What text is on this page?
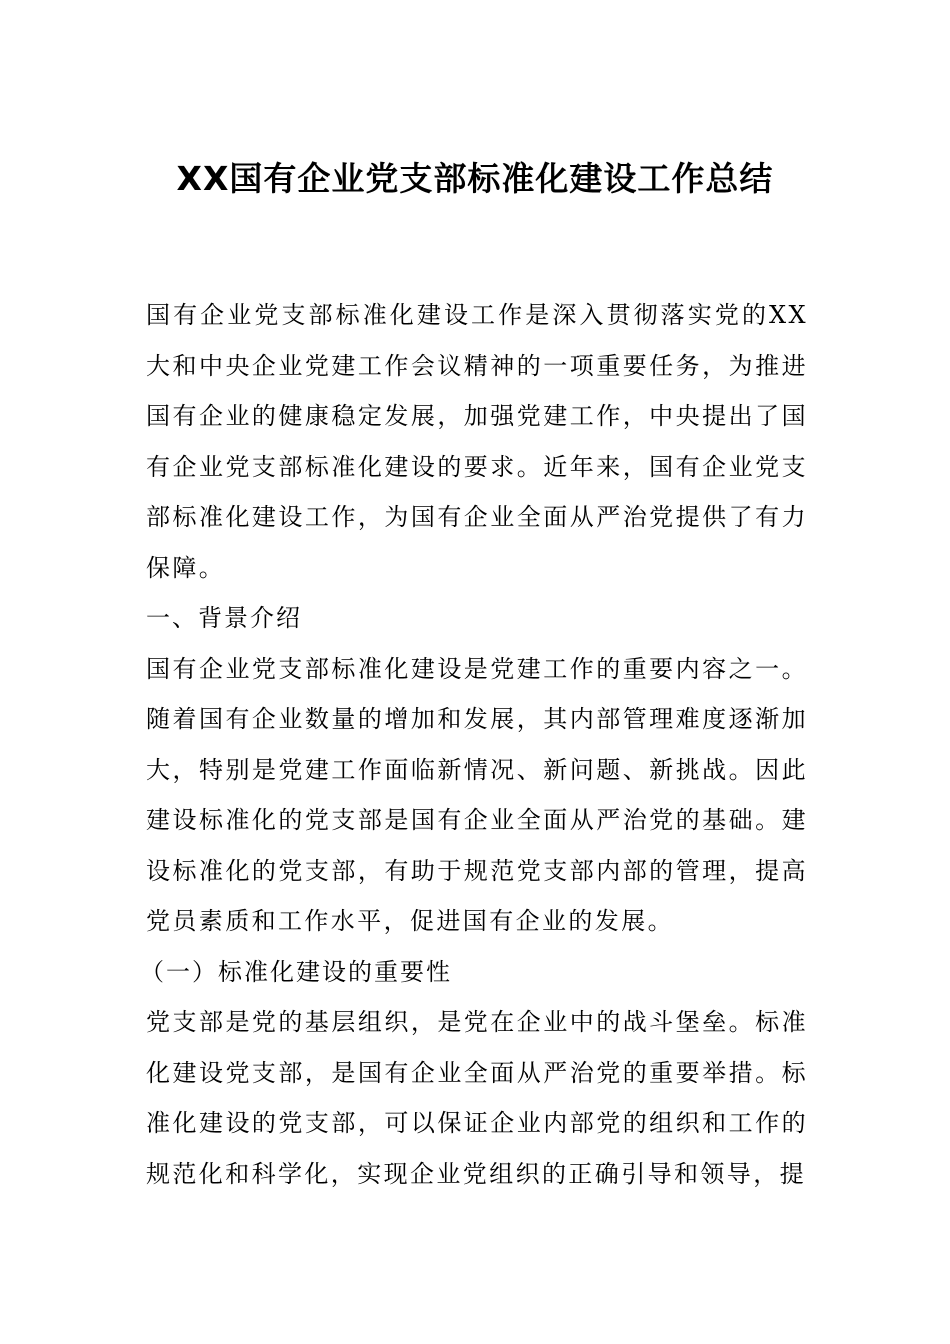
XX国有企业党支部标准化建设工作总结

国有企业党支部标准化建设工作是深入贯彻落实党的XX大和中央企业党建工作会议精神的一项重要任务，为推进国有企业的健康稳定发展，加强党建工作，中央提出了国有企业党支部标准化建设的要求。近年来，国有企业党支部标准化建设工作，为国有企业全面从严治党提供了有力保障。

一、背景介绍

国有企业党支部标准化建设是党建工作的重要内容之一。随着国有企业数量的增加和发展，其内部管理难度逐渐加大，特别是党建工作面临新情况、新问题、新挑战。因此建设标准化的党支部是国有企业全面从严治党的基础。建设标准化的党支部，有助于规范党支部内部的管理，提高党员素质和工作水平，促进国有企业的发展。

（一）标准化建设的重要性

党支部是党的基层组织，是党在企业中的战斗堡垒。标准化建设党支部，是国有企业全面从严治党的重要举措。标准化建设的党支部，可以保证企业内部党的组织和工作的规范化和科学化，实现企业党组织的正确引导和领导，提
